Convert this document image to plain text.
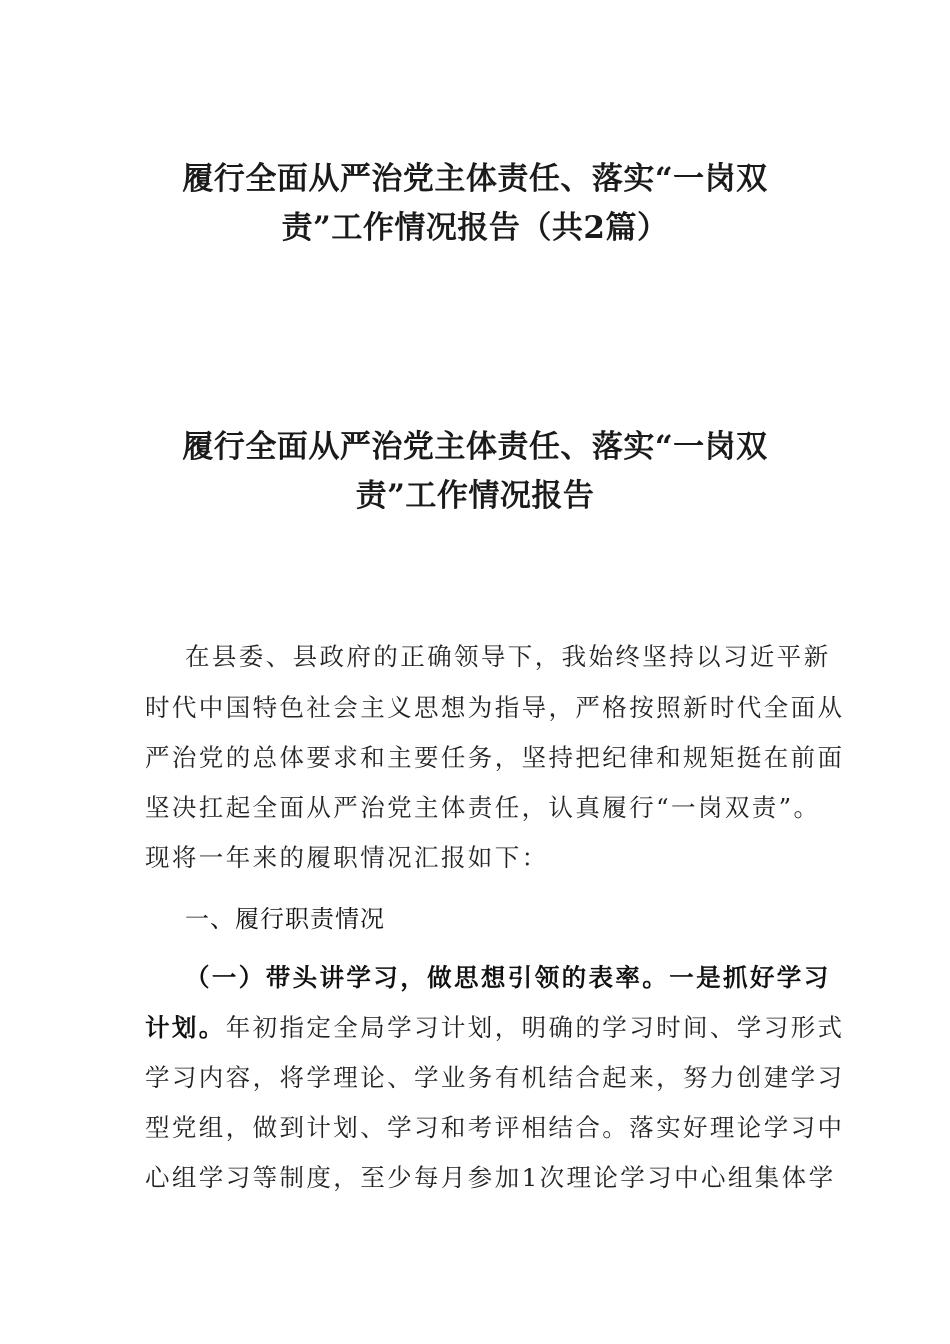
履行全面从严治党主体责任、落实“一岗双
责”工作情况报告（共2篇）
履行全面从严治党主体责任、落实“一岗双
责”工作情况报告
在县委、县政府的正确领导下，我始终坚持以习近平新
时代中国特色社会主义思想为指导，严格按照新时代全面从
严治党的总体要求和主要任务，坚持把纪律和规矩挺在前面
坚决扛起全面从严治党主体责任，认真履行“一岗双责”。
现将一年来的履职情况汇报如下：
一、履行职责情况
（一）带头讲学习，做思想引领的表率。一是抓好学习
计划。年初指定全局学习计划，明确的学习时间、学习形式
学习内容，将学理论、学业务有机结合起来，努力创建学习
型党组，做到计划、学习和考评相结合。落实好理论学习中
心组学习等制度，至少每月参加1次理论学习中心组集体学
